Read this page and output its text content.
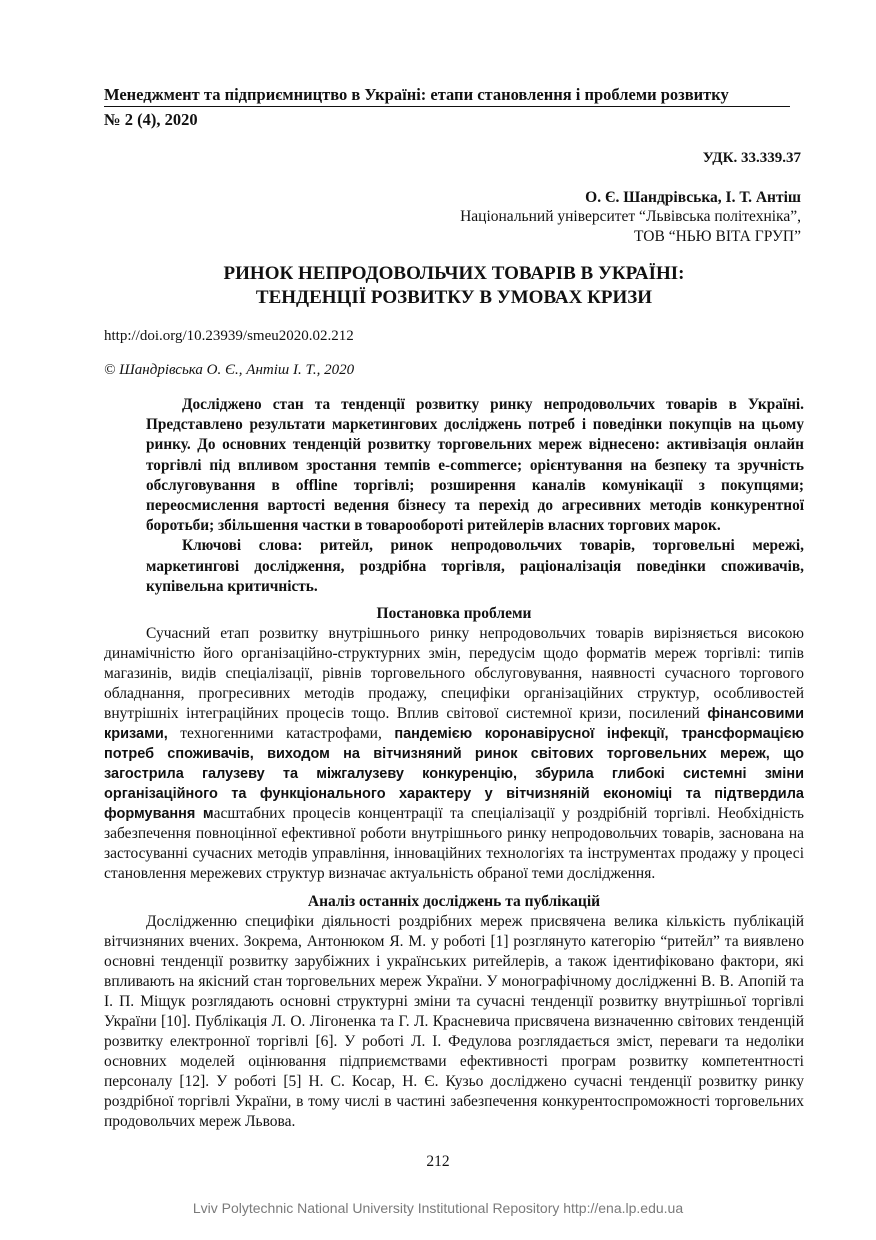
Менеджмент та підприємництво в Україні: етапи становлення і проблеми розвитку
№ 2 (4), 2020
УДК. 33.339.37
О. Є. Шандрівська, І. Т. Антіш
Національний університет “Львівська політехніка”,
ТОВ “НЬЮ ВІТА ГРУП”
РИНОК НЕПРОДОВОЛЬЧИХ ТОВАРІВ В УКРАЇНІ:
ТЕНДЕНЦІЇ РОЗВИТКУ В УМОВАХ КРИЗИ
http://doi.org/10.23939/smeu2020.02.212
© Шандрівська О. Є., Антіш І. Т., 2020

Досліджено стан та тенденції розвитку ринку непродовольчих товарів в Україні. Представлено результати маркетингових досліджень потреб і поведінки покупців на цьому ринку. До основних тенденцій розвитку торговельних мереж віднесено: активізація онлайн торгівлі під впливом зростання темпів e-commerce; орієнтування на безпеку та зручність обслуговування в offline торгівлі; розширення каналів комунікації з покупцями; переосмислення вартості ведення бізнесу та перехід до агресивних методів конкурентної боротьби; збільшення частки в товарообороті ритейлерів власних торгових марок.

Ключові слова: ритейл, ринок непродовольчих товарів, торговельні мережі, маркетингові дослідження, роздрібна торгівля, раціоналізація поведінки споживачів, купівельна критичність.

Постановка проблеми

Сучасний етап розвитку внутрішнього ринку непродовольчих товарів вирізняється високою динамічністю його організаційно-структурних змін, передусім щодо форматів мереж торгівлі: типів магазинів, видів спеціалізації, рівнів торговельного обслуговування, наявності сучасного торгового обладнання, прогресивних методів продажу, специфіки організаційних структур, особливостей внутрішніх інтеграційних процесів тощо. Вплив світової системної кризи, посилений фінансовими кризами, техногенними катастрофами, пандемією коронавірусної інфекції, трансформацією потреб споживачів, виходом на вітчизняний ринок світових торговельних мереж, що загострила галузеву та міжгалузеву конкуренцію, збурила глибокі системні зміни організаційного та функціонального характеру у вітчизняній економіці та підтвердила формування масштабних процесів концентрації та спеціалізації у роздрібній торгівлі. Необхідність забезпечення повноцінної ефективної роботи внутрішнього ринку непродовольчих товарів, заснована на застосуванні сучасних методів управління, інноваційних технологіях та інструментах продажу у процесі становлення мережевих структур визначає актуальність обраної теми дослідження.

Аналіз останніх досліджень та публікацій

Дослідженню специфіки діяльності роздрібних мереж присвячена велика кількість публікацій вітчизняних вчених. Зокрема, Антонюком Я. М. у роботі [1] розглянуто категорію “ритейл” та виявлено основні тенденції розвитку зарубіжних і українських ритейлерів, а також ідентифіковано фактори, які впливають на якісний стан торговельних мереж України. У монографічному дослідженні В. В. Апопій та І. П. Міщук розглядають основні структурні зміни та сучасні тенденції розвитку внутрішньої торгівлі України [10]. Публікація Л. О. Лігоненка та Г. Л. Красневича присвячена визначенню світових тенденцій розвитку електронної торгівлі [6]. У роботі Л. І. Федулова розглядається зміст, переваги та недоліки основних моделей оцінювання підприємствами ефективності програм розвитку компетентності персоналу [12]. У роботі [5] Н. С. Косар, Н. Є. Кузьо досліджено сучасні тенденції розвитку ринку роздрібної торгівлі України, в тому числі в частині забезпечення конкурентоспроможності торговельних продовольчих мереж Львова.

212
Lviv Polytechnic National University Institutional Repository http://ena.lp.edu.ua
